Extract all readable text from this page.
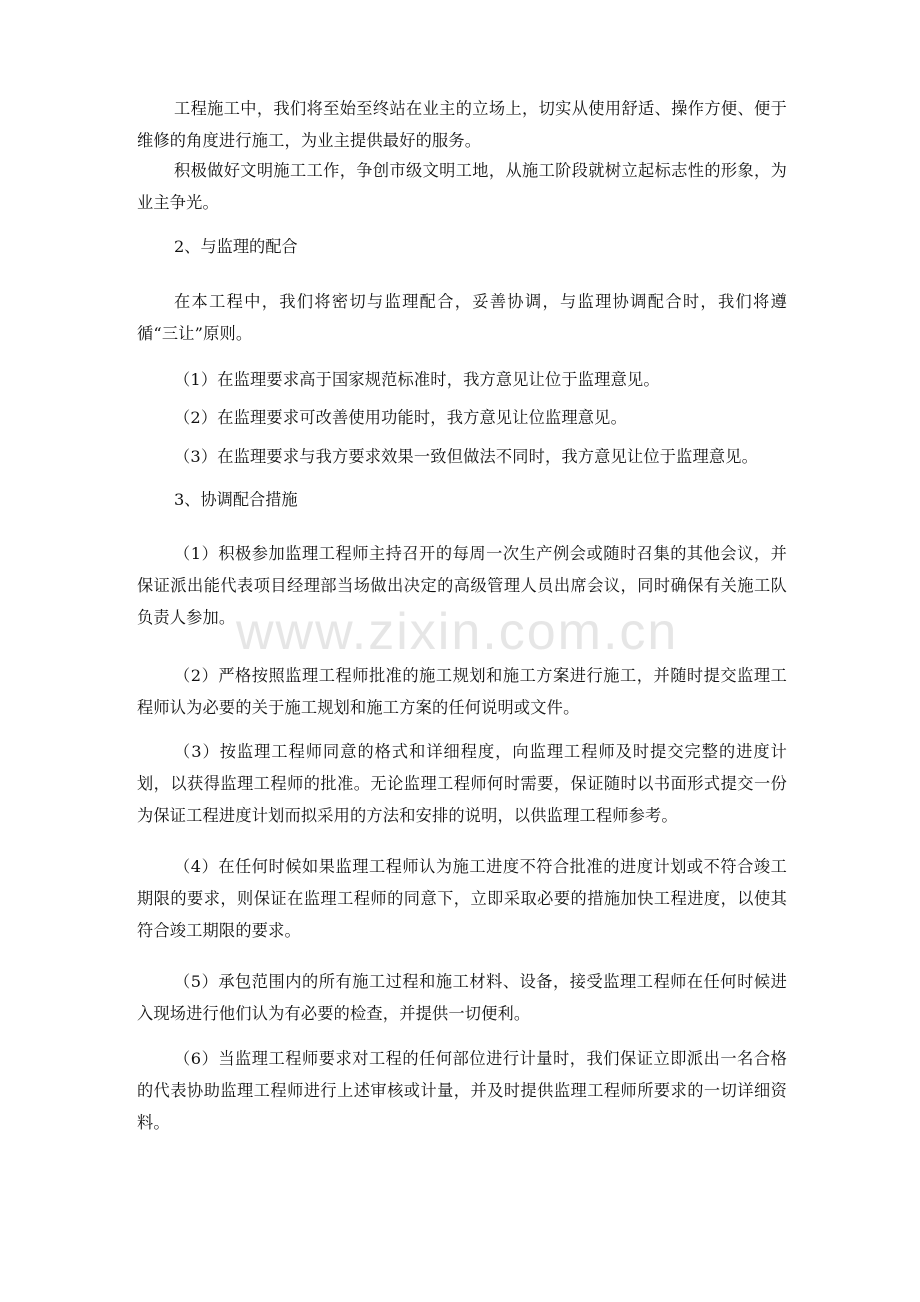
工程施工中，我们将至始至终站在业主的立场上，切实从使用舒适、操作方便、便于维修的角度进行施工，为业主提供最好的服务。

积极做好文明施工工作，争创市级文明工地，从施工阶段就树立起标志性的形象，为业主争光。

2、与监理的配合

在本工程中，我们将密切与监理配合，妥善协调，与监理协调配合时，我们将遵循“三让”原则。

（1）在监理要求高于国家规范标准时，我方意见让位于监理意见。

（2）在监理要求可改善使用功能时，我方意见让位监理意见。

（3）在监理要求与我方要求效果一致但做法不同时，我方意见让位于监理意见。

3、协调配合措施

（1）积极参加监理工程师主持召开的每周一次生产例会或随时召集的其他会议，并保证派出能代表项目经理部当场做出决定的高级管理人员出席会议，同时确保有关施工队负责人参加。

（2）严格按照监理工程师批准的施工规划和施工方案进行施工，并随时提交监理工程师认为必要的关于施工规划和施工方案的任何说明或文件。

（3）按监理工程师同意的格式和详细程度，向监理工程师及时提交完整的进度计划，以获得监理工程师的批准。无论监理工程师何时需要，保证随时以书面形式提交一份为保证工程进度计划而拟采用的方法和安排的说明，以供监理工程师参考。

（4）在任何时候如果监理工程师认为施工进度不符合批准的进度计划或不符合竣工期限的要求，则保证在监理工程师的同意下，立即采取必要的措施加快工程进度，以使其符合竣工期限的要求。

（5）承包范围内的所有施工过程和施工材料、设备，接受监理工程师在任何时候进入现场进行他们认为有必要的检查，并提供一切便利。

（6）当监理工程师要求对工程的任何部位进行计量时，我们保证立即派出一名合格的代表协助监理工程师进行上述审核或计量，并及时提供监理工程师所要求的一切详细资料。

www.zixin.com.cn
